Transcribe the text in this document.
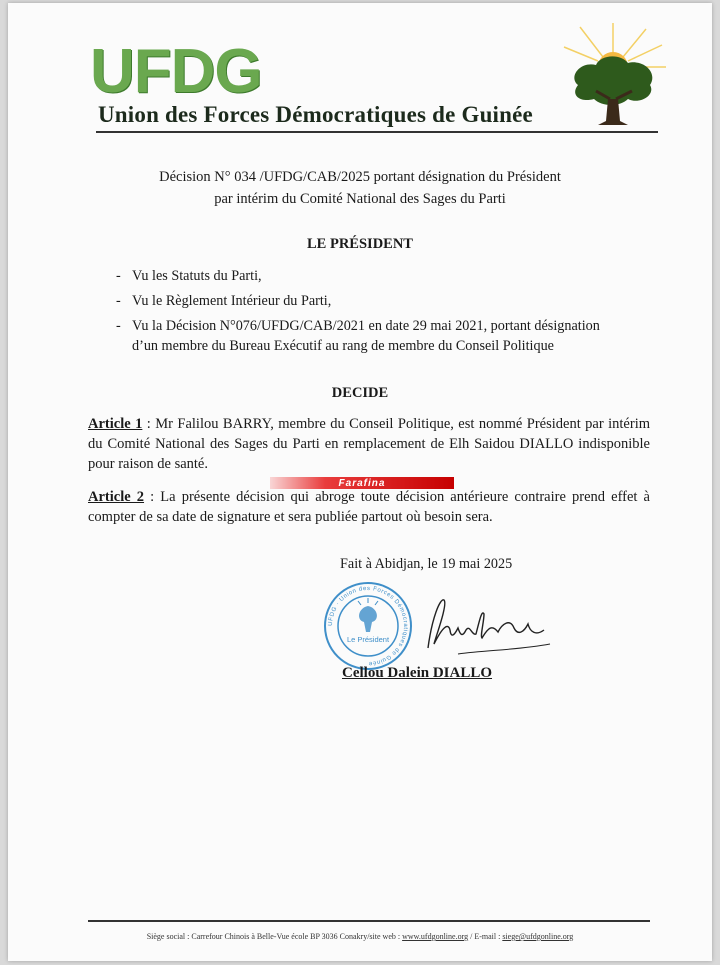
UFDG
Union des Forces Démocratiques de Guinée
Décision N° 034 /UFDG/CAB/2025 portant désignation du Président
par intérim du Comité National des Sages du Parti
LE PRÉSIDENT
- Vu les Statuts du Parti,
- Vu le Règlement Intérieur du Parti,
- Vu la Décision N°076/UFDG/CAB/2021 en date 29 mai 2021, portant désignation
d’un membre du Bureau Exécutif au rang de membre du Conseil Politique
DECIDE
Article 1 : Mr Falilou BARRY, membre du Conseil Politique, est nommé Président par intérim du Comité National des Sages du Parti en remplacement de Elh Saidou DIALLO indisponible pour raison de santé.
Farafina
Article 2 : La présente décision qui abroge toute décision antérieure contraire prend effet à compter de sa date de signature et sera publiée partout où besoin sera.
Fait à Abidjan, le 19 mai 2025
Le Président
UFDG · Union des Forces Démocratiques de Guinée
Cellou Dalein DIALLO
Siège social : Carrefour Chinois à Belle-Vue école BP 3036 Conakry/site web : www.ufdgonline.org / E-mail : siege@ufdgonline.org
